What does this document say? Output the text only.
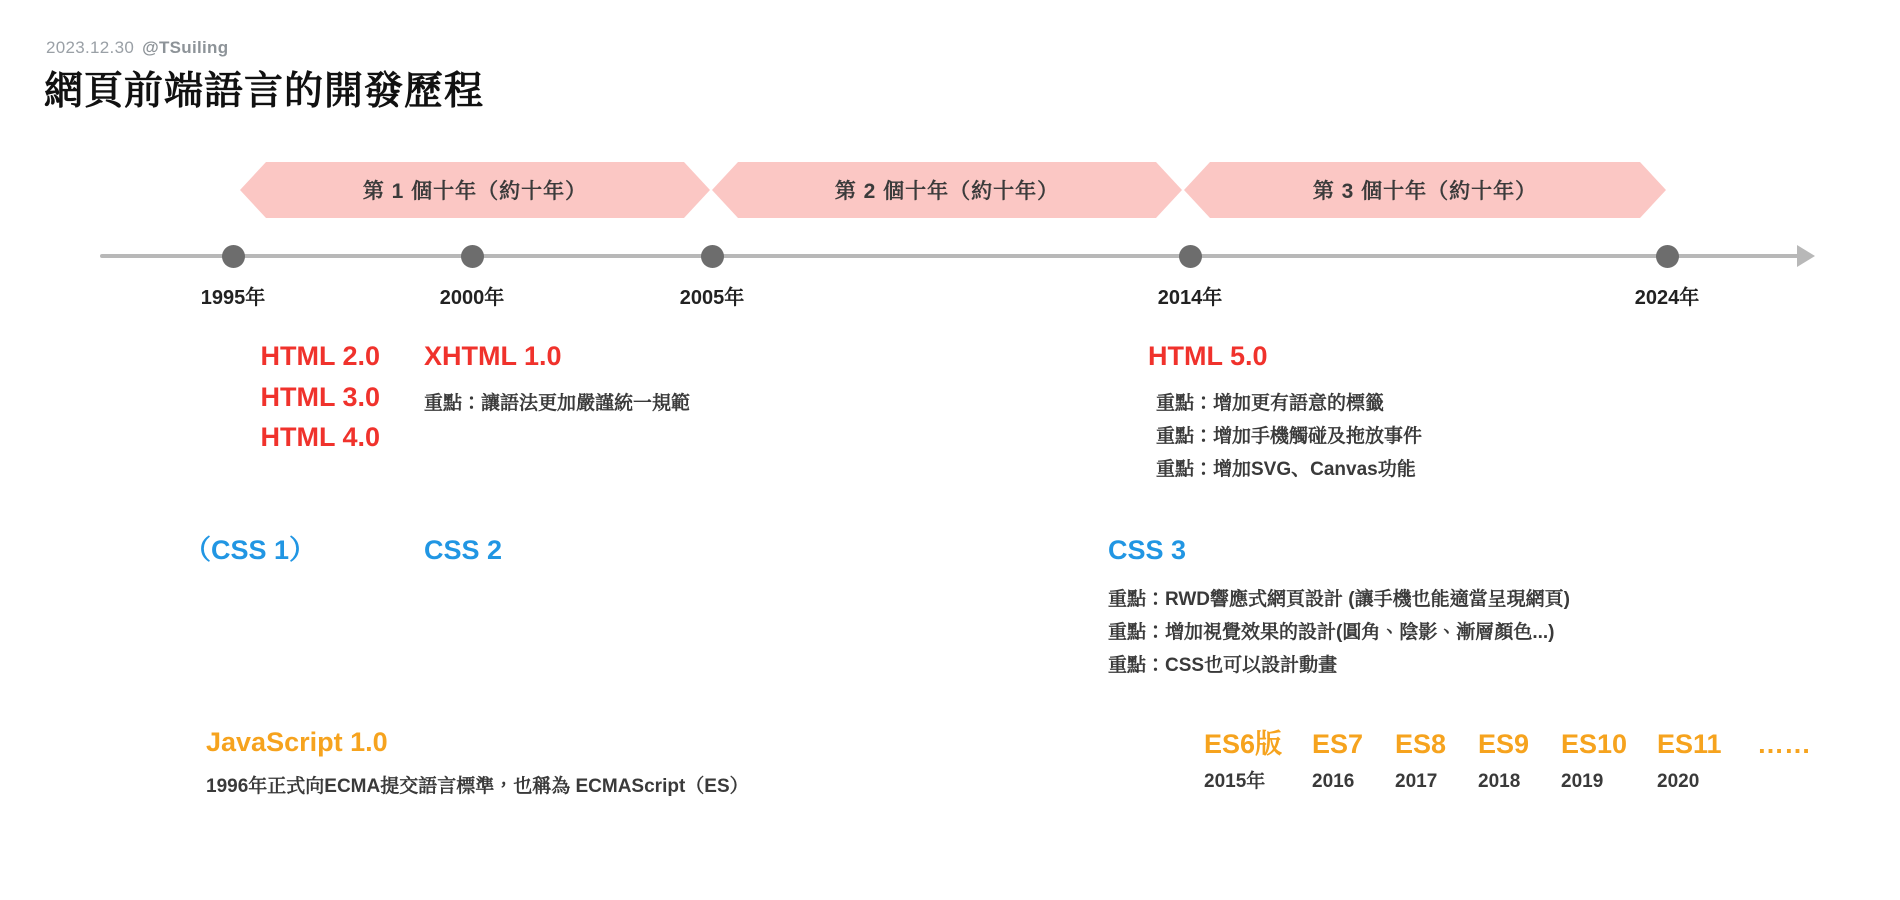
2023.12.30 @TSuiling
網頁前端語言的開發歷程
第 1 個十年（約十年）	第 2 個十年（約十年）	第 3 個十年（約十年）
1995年	2000年	2005年	2014年	2024年
HTML 2.0
HTML 3.0
HTML 4.0
XHTML 1.0
重點：讓語法更加嚴謹統一規範
HTML 5.0
重點：增加更有語意的標籤
重點：增加手機觸碰及拖放事件
重點：增加SVG、Canvas功能
（CSS 1）	CSS 2	CSS 3
重點：RWD響應式網頁設計 (讓手機也能適當呈現網頁)
重點：增加視覺效果的設計(圓角、陰影、漸層顏色...)
重點：CSS也可以設計動畫
JavaScript 1.0
1996年正式向ECMA提交語言標準，也稱為 ECMAScript（ES）
ES6版	ES7	ES8	ES9	ES10	ES11	……
2015年	2016	2017	2018	2019	2020
